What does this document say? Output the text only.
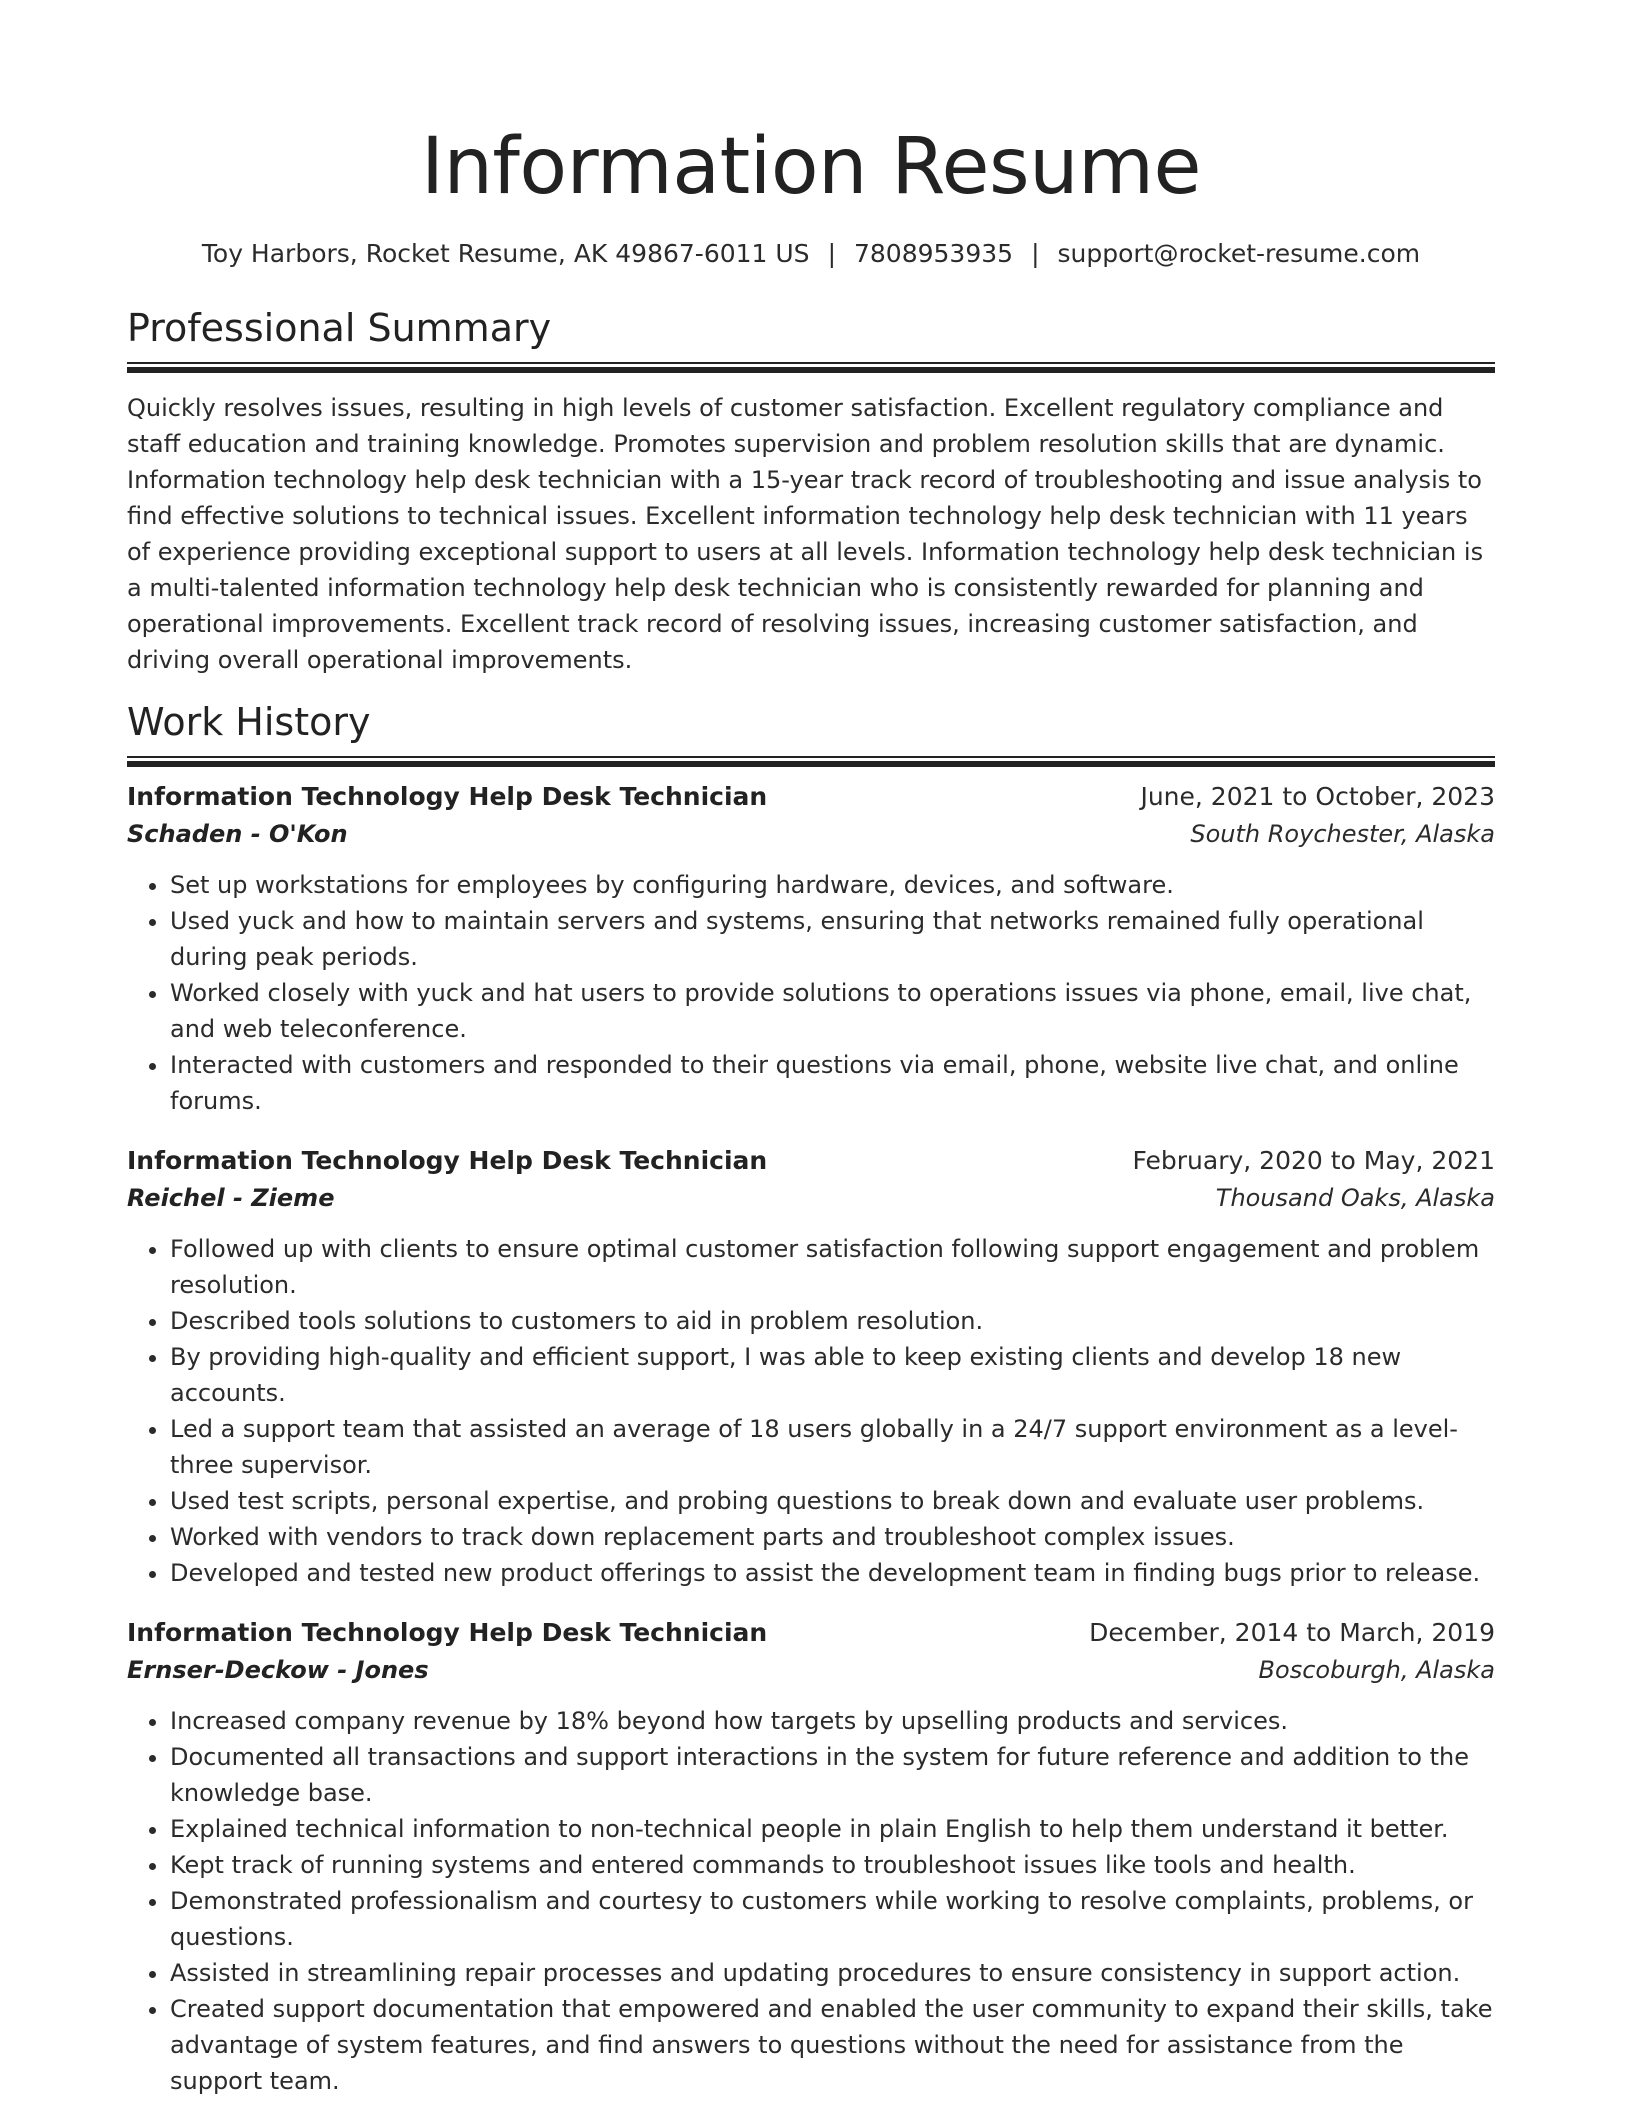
Information Resume
Toy Harbors, Rocket Resume, AK 49867-6011 US | 7808953935 | support@rocket-resume.com
Professional Summary
Quickly resolves issues, resulting in high levels of customer satisfaction. Excellent regulatory compliance and staff education and training knowledge. Promotes supervision and problem resolution skills that are dynamic. Information technology help desk technician with a 15-year track record of troubleshooting and issue analysis to find effective solutions to technical issues. Excellent information technology help desk technician with 11 years of experience providing exceptional support to users at all levels. Information technology help desk technician is a multi-talented information technology help desk technician who is consistently rewarded for planning and operational improvements. Excellent track record of resolving issues, increasing customer satisfaction, and driving overall operational improvements.
Work History
Information Technology Help Desk Technician	June, 2021 to October, 2023
Schaden - O'Kon	South Roychester, Alaska
• Set up workstations for employees by configuring hardware, devices, and software.
• Used yuck and how to maintain servers and systems, ensuring that networks remained fully operational during peak periods.
• Worked closely with yuck and hat users to provide solutions to operations issues via phone, email, live chat, and web teleconference.
• Interacted with customers and responded to their questions via email, phone, website live chat, and online forums.
Information Technology Help Desk Technician	February, 2020 to May, 2021
Reichel - Zieme	Thousand Oaks, Alaska
• Followed up with clients to ensure optimal customer satisfaction following support engagement and problem resolution.
• Described tools solutions to customers to aid in problem resolution.
• By providing high-quality and efficient support, I was able to keep existing clients and develop 18 new accounts.
• Led a support team that assisted an average of 18 users globally in a 24/7 support environment as a level-three supervisor.
• Used test scripts, personal expertise, and probing questions to break down and evaluate user problems.
• Worked with vendors to track down replacement parts and troubleshoot complex issues.
• Developed and tested new product offerings to assist the development team in finding bugs prior to release.
Information Technology Help Desk Technician	December, 2014 to March, 2019
Ernser-Deckow - Jones	Boscoburgh, Alaska
• Increased company revenue by 18% beyond how targets by upselling products and services.
• Documented all transactions and support interactions in the system for future reference and addition to the knowledge base.
• Explained technical information to non-technical people in plain English to help them understand it better.
• Kept track of running systems and entered commands to troubleshoot issues like tools and health.
• Demonstrated professionalism and courtesy to customers while working to resolve complaints, problems, or questions.
• Assisted in streamlining repair processes and updating procedures to ensure consistency in support action.
• Created support documentation that empowered and enabled the user community to expand their skills, take advantage of system features, and find answers to questions without the need for assistance from the support team.
